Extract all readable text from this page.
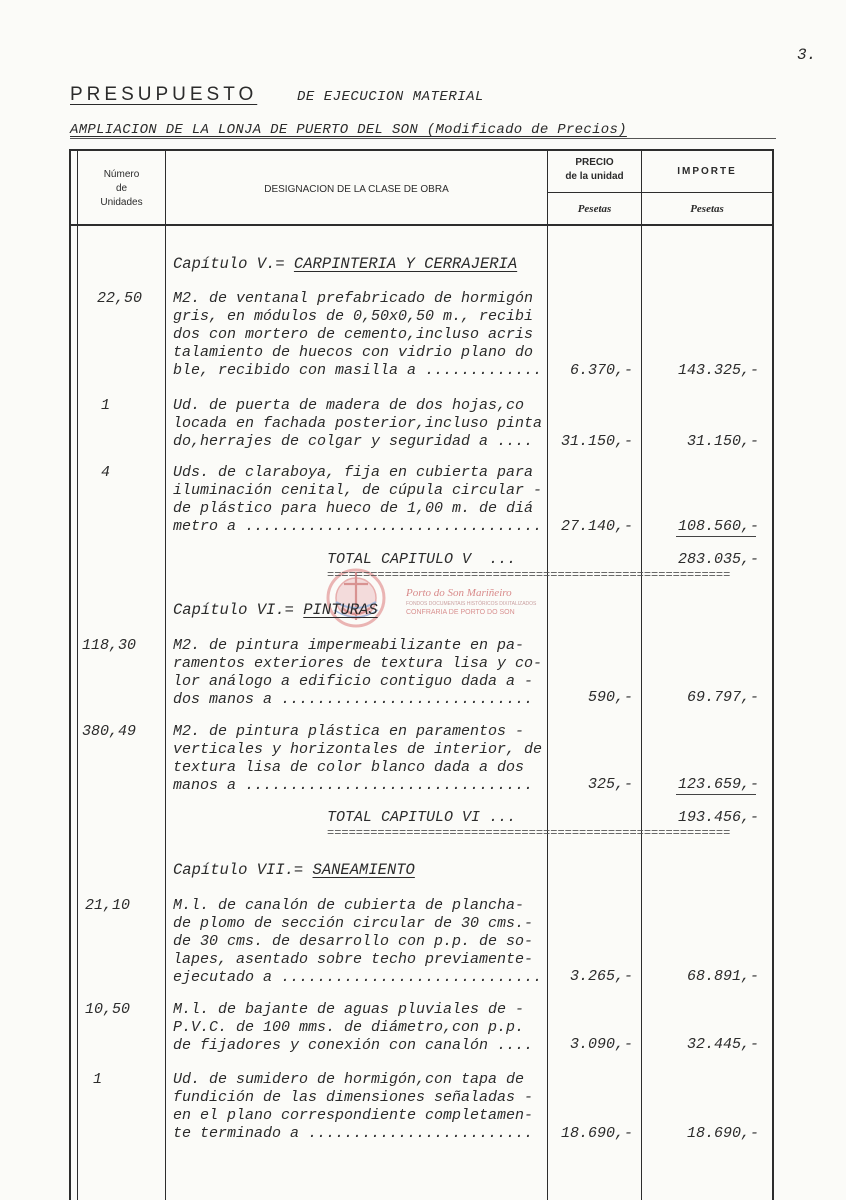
3.
PRESUPUESTO	DE EJECUCION MATERIAL
AMPLIACION DE LA LONJA DE PUERTO DEL SON (Modificado de Precios)
Número
de
Unidades
DESIGNACION DE LA CLASE DE OBRA
PRECIO
de la unidad	IMPORTE
Pesetas	Pesetas
Porto do Son Mariñeiro
FONDOS DOCUMENTAIS HISTÓRICOS DIXITALIZADOS
CONFRARIA DE PORTO DO SON
Capítulo V.= CARPINTERIA Y CERRAJERIA
22,50 M2. de ventanal prefabricado de hormigón
gris, en módulos de 0,50x0,50 m., recibi
dos con mortero de cemento,incluso acris
talamiento de huecos con vidrio plano do
ble, recibido con masilla a .............	6.370,-	143.325,-
1	Ud. de puerta de madera de dos hojas,co
locada en fachada posterior,incluso pinta
do,herrajes de colgar y seguridad a ....	31.150,-	31.150,-
4	Uds. de claraboya, fija en cubierta para
iluminación cenital, de cúpula circular -
de plástico para hueco de 1,00 m. de diá
metro a .................................	27.140,-	108.560,-
TOTAL CAPITULO V  ...	283.035,-
========================================================
Capítulo VI.= PINTURAS
118,30 M2. de pintura impermeabilizante en pa-
ramentos exteriores de textura lisa y co-
lor análogo a edificio contiguo dada a -
dos manos a ............................	590,-	69.797,-
380,49 M2. de pintura plástica en paramentos -
verticales y horizontales de interior, de
textura lisa de color blanco dada a dos
manos a ................................	325,-	123.659,-
TOTAL CAPITULO VI ...	193.456,-
========================================================
Capítulo VII.= SANEAMIENTO
21,10	M.l. de canalón de cubierta de plancha-
de plomo de sección circular de 30 cms.-
de 30 cms. de desarrollo con p.p. de so-
lapes, asentado sobre techo previamente-
ejecutado a .............................	3.265,-	68.891,-
10,50	M.l. de bajante de aguas pluviales de -
P.V.C. de 100 mms. de diámetro,con p.p.
de fijadores y conexión con canalón ....	3.090,-	32.445,-
1	Ud. de sumidero de hormigón,con tapa de
fundición de las dimensiones señaladas -
en el plano correspondiente completamen-
te terminado a .........................	18.690,-	18.690,-
